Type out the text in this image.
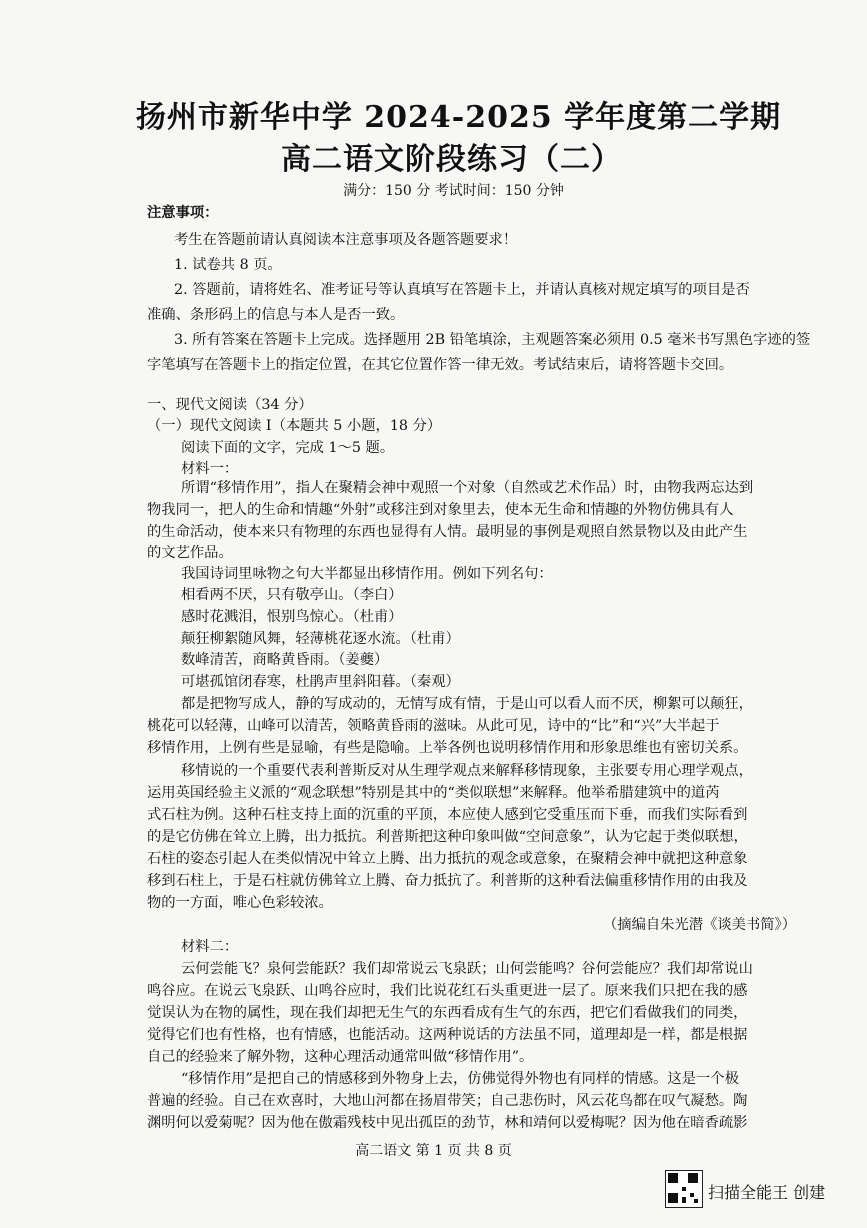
扬州市新华中学 2024-2025 学年度第二学期
高二语文阶段练习（二）
满分：150 分 考试时间：150 分钟
注意事项：
考生在答题前请认真阅读本注意事项及各题答题要求！
1. 试卷共 8 页。
2. 答题前，请将姓名、准考证号等认真填写在答题卡上，并请认真核对规定填写的项目是否
准确、条形码上的信息与本人是否一致。
3. 所有答案在答题卡上完成。选择题用 2B 铅笔填涂，主观题答案必须用 0.5 毫米书写黑色字迹的签
字笔填写在答题卡上的指定位置，在其它位置作答一律无效。考试结束后，请将答题卡交回。
一、现代文阅读（34 分）
（一）现代文阅读 I（本题共 5 小题，18 分）
阅读下面的文字，完成 1～5 题。
材料一：
所谓“移情作用”，指人在聚精会神中观照一个对象（自然或艺术作品）时，由物我两忘达到
物我同一，把人的生命和情趣“外射”或移注到对象里去，使本无生命和情趣的外物仿佛具有人
的生命活动，使本来只有物理的东西也显得有人情。最明显的事例是观照自然景物以及由此产生
的文艺作品。
我国诗词里咏物之句大半都显出移情作用。例如下列名句：
相看两不厌，只有敬亭山。（李白）
感时花溅泪，恨别鸟惊心。（杜甫）
颠狂柳絮随风舞，轻薄桃花逐水流。（杜甫）
数峰清苦，商略黄昏雨。（姜夔）
可堪孤馆闭春寒，杜鹃声里斜阳暮。（秦观）
都是把物写成人，静的写成动的，无情写成有情，于是山可以看人而不厌，柳絮可以颠狂，
桃花可以轻薄，山峰可以清苦，领略黄昏雨的滋味。从此可见，诗中的“比”和“兴”大半起于
移情作用，上例有些是显喻，有些是隐喻。上举各例也说明移情作用和形象思维也有密切关系。
移情说的一个重要代表利普斯反对从生理学观点来解释移情现象，主张要专用心理学观点，
运用英国经验主义派的“观念联想”特别是其中的“类似联想”来解释。他举希腊建筑中的道芮
式石柱为例。这种石柱支持上面的沉重的平顶，本应使人感到它受重压而下垂，而我们实际看到
的是它仿佛在耸立上腾，出力抵抗。利普斯把这种印象叫做“空间意象”，认为它起于类似联想，
石柱的姿态引起人在类似情况中耸立上腾、出力抵抗的观念或意象，在聚精会神中就把这种意象
移到石柱上，于是石柱就仿佛耸立上腾、奋力抵抗了。利普斯的这种看法偏重移情作用的由我及
物的一方面，唯心色彩较浓。
（摘编自朱光潜《谈美书简》）
材料二：
云何尝能飞？泉何尝能跃？我们却常说云飞泉跃；山何尝能鸣？谷何尝能应？我们却常说山
鸣谷应。在说云飞泉跃、山鸣谷应时，我们比说花红石头重更进一层了。原来我们只把在我的感
觉误认为在物的属性，现在我们却把无生气的东西看成有生气的东西，把它们看做我们的同类，
觉得它们也有性格，也有情感，也能活动。这两种说话的方法虽不同，道理却是一样，都是根据
自己的经验来了解外物，这种心理活动通常叫做“移情作用”。
“移情作用”是把自己的情感移到外物身上去，仿佛觉得外物也有同样的情感。这是一个极
普遍的经验。自己在欢喜时，大地山河都在扬眉带笑；自己悲伤时，风云花鸟都在叹气凝愁。陶
高二语文 第 1 页 共 8 页
扫描全能王 创建
渊明何以爱菊呢？因为他在傲霜残枝中见出孤臣的劲节，林和靖何以爱梅呢？因为他在暗香疏影
